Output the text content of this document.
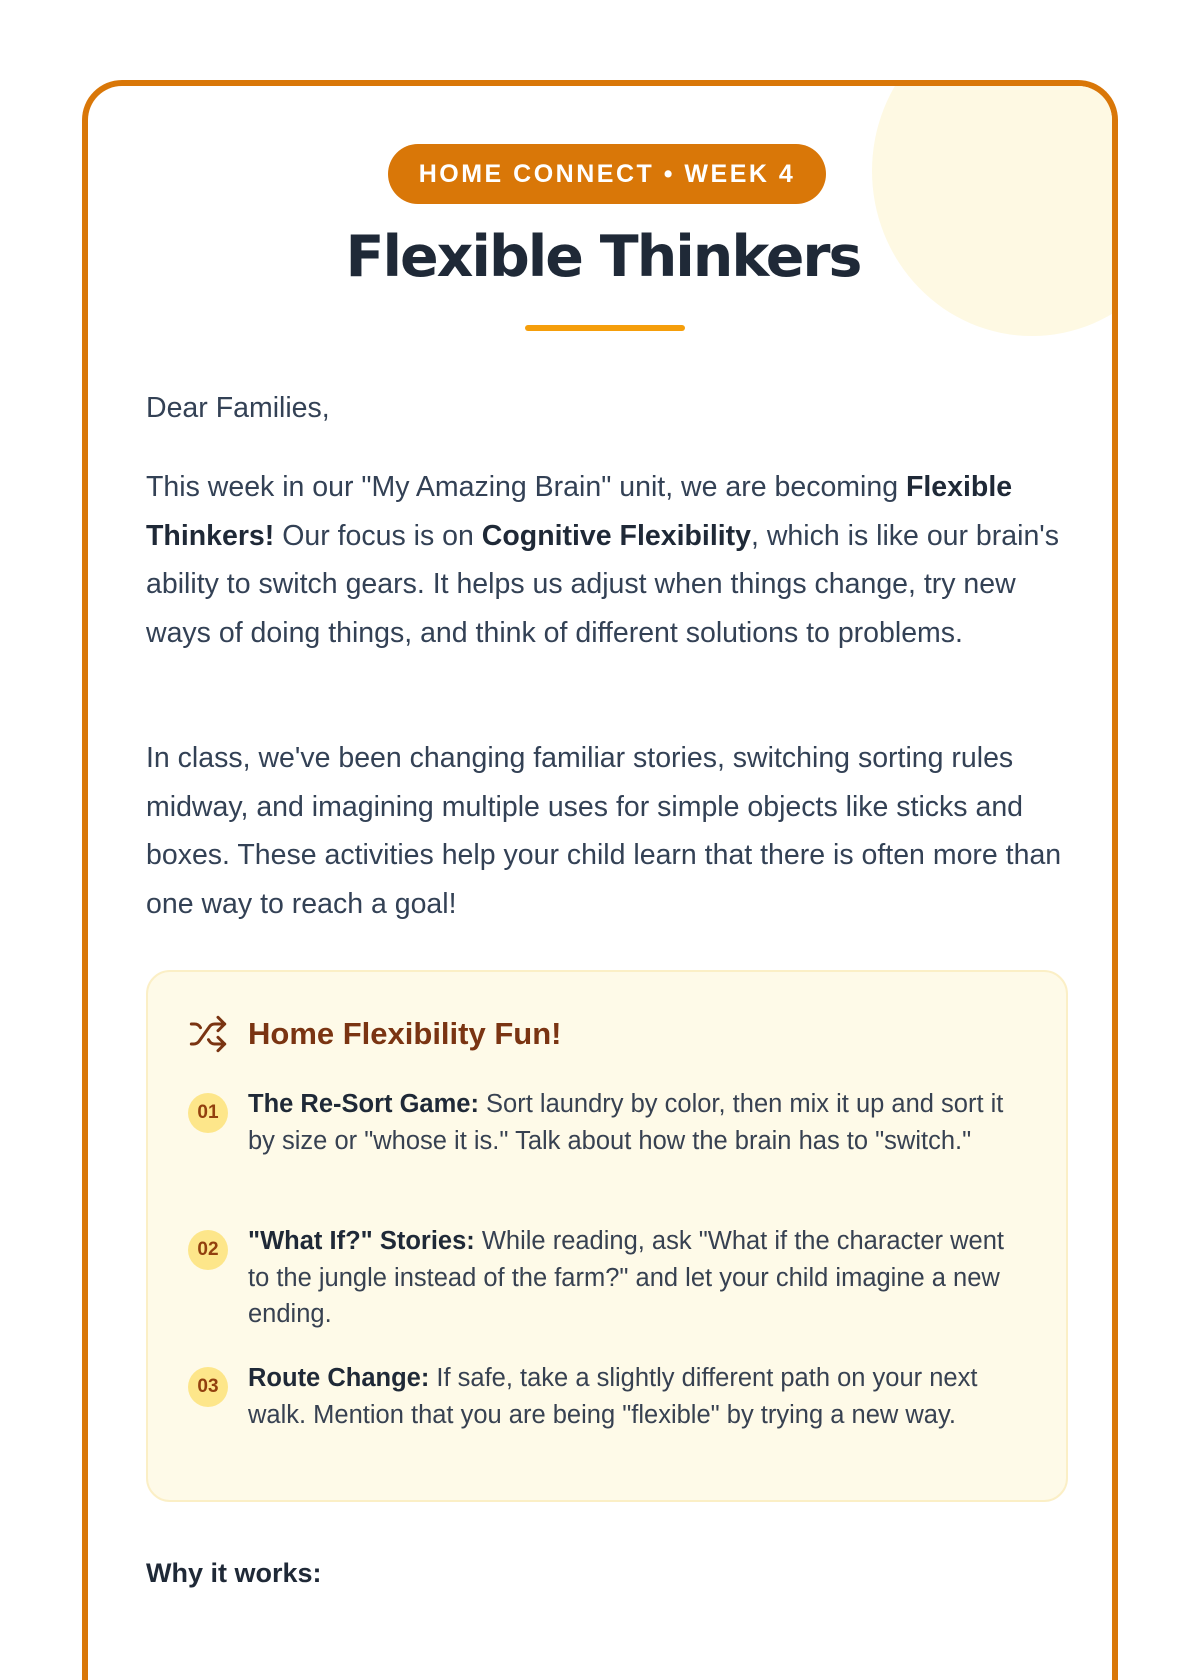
HOME CONNECT • WEEK 4
Flexible Thinkers
Dear Families,

This week in our "My Amazing Brain" unit, we are becoming Flexible Thinkers! Our focus is on Cognitive Flexibility, which is like our brain's ability to switch gears. It helps us adjust when things change, try new ways of doing things, and think of different solutions to problems.

In class, we've been changing familiar stories, switching sorting rules midway, and imagining multiple uses for simple objects like sticks and boxes. These activities help your child learn that there is often more than one way to reach a goal!

Home Flexibility Fun!
01	The Re-Sort Game: Sort laundry by color, then mix it up and sort it by size or "whose it is." Talk about how the brain has to "switch."
02	"What If?" Stories: While reading, ask "What if the character went to the jungle instead of the farm?" and let your child imagine a new ending.
03	Route Change: If safe, take a slightly different path on your next walk. Mention that you are being "flexible" by trying a new way.
Why it works:
